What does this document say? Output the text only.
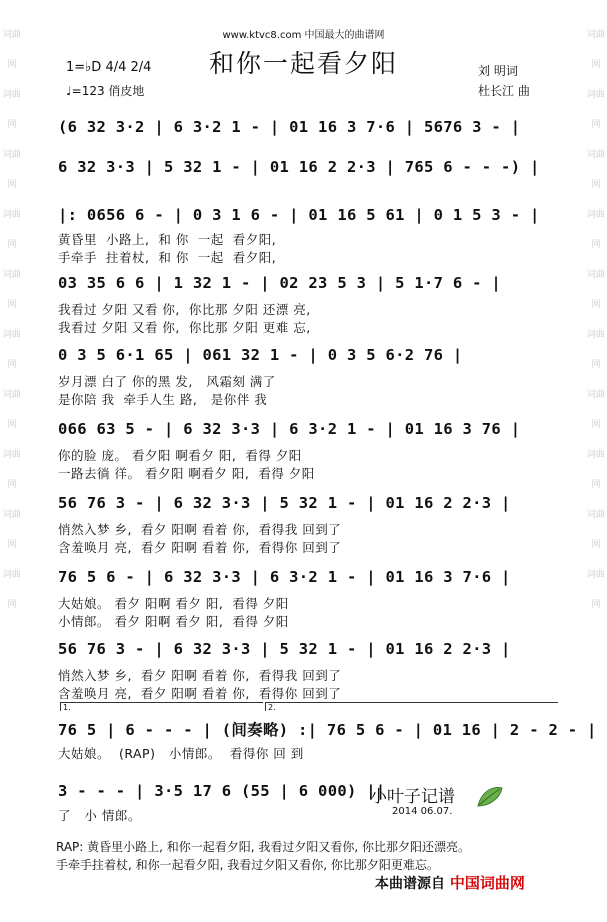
词曲网
词曲网
词曲网
词曲网
词曲网
词曲网
词曲网
词曲网
词曲网
词曲网
词曲网
词曲网
词曲网
词曲网
词曲网
词曲网
词曲网
词曲网
词曲网
词曲网
www.ktvc8.com 中国最大的曲谱网
1=♭D 4/4 2/4
♩=123 俏皮地
和你一起看夕阳	刘 明词
杜长江 曲
(6 32 3·2 | 6 3·2 1 - | 01 16 3 7·6 | 5676 3 - |
6 32 3·3 | 5 32 1 - | 01 16 2 2·3 | 765 6 - - -) |
|: 0656 6 - | 0 3 1 6 - | 01 16 5 61 | 0 1 5 3 - |
黄昏里  小路上,  和 你  一起  看夕阳,
手牵手  拄着杖,  和 你  一起  看夕阳,
03 35 6 6 | 1 32 1 - | 02 23 5 3 | 5 1·7 6 - |
我看过 夕阳 又看 你,  你比那 夕阳 还漂 亮,
我看过 夕阳 又看 你,  你比那 夕阳 更难 忘,
0 3 5 6·1 65 | 061 32 1 - | 0 3 5 6·2 76 |
岁月漂 白了 你的黑 发,   风霜刻 满了
是你陪 我  牵手人生 路,   是你伴 我
066 63 5 - | 6 32 3·3 | 6 3·2 1 - | 01 16 3 76 |
你的脸 庞。 看夕阳 啊看夕 阳,  看得 夕阳
一路去徜 徉。 看夕阳 啊看夕 阳,  看得 夕阳
56 76 3 - | 6 32 3·3 | 5 32 1 - | 01 16 2 2·3 |
悄然入梦 乡,  看夕 阳啊 看着 你,  看得我 回到了
含羞唤月 亮,  看夕 阳啊 看着 你,  看得你 回到了
76 5 6 - | 6 32 3·3 | 6 3·2 1 - | 01 16 3 7·6 |
大姑娘。 看夕 阳啊 看夕 阳,  看得 夕阳
小情郎。 看夕 阳啊 看夕 阳,  看得 夕阳
56 76 3 - | 6 32 3·3 | 5 32 1 - | 01 16 2 2·3 |
悄然入梦 乡,  看夕 阳啊 看着 你,  看得我 回到了
含羞唤月 亮,  看夕 阳啊 看着 你,  看得你 回到了
1.	2.
76 5 | 6 - - - | (间奏略) :| 76 5 6 - | 01 16 | 2 - 2 - |
大姑娘。  (RAP)   小情郎。  看得你 回 到
3 - - - | 3·5 17 6 (55 | 6 000) ||
了   小 情郎。
小叶子记谱
2014 06.07.
RAP: 黄昏里小路上, 和你一起看夕阳, 我看过夕阳又看你, 你比那夕阳还漂亮。
手牵手拄着杖, 和你一起看夕阳, 我看过夕阳又看你, 你比那夕阳更难忘。
本曲谱源自 中国词曲网
